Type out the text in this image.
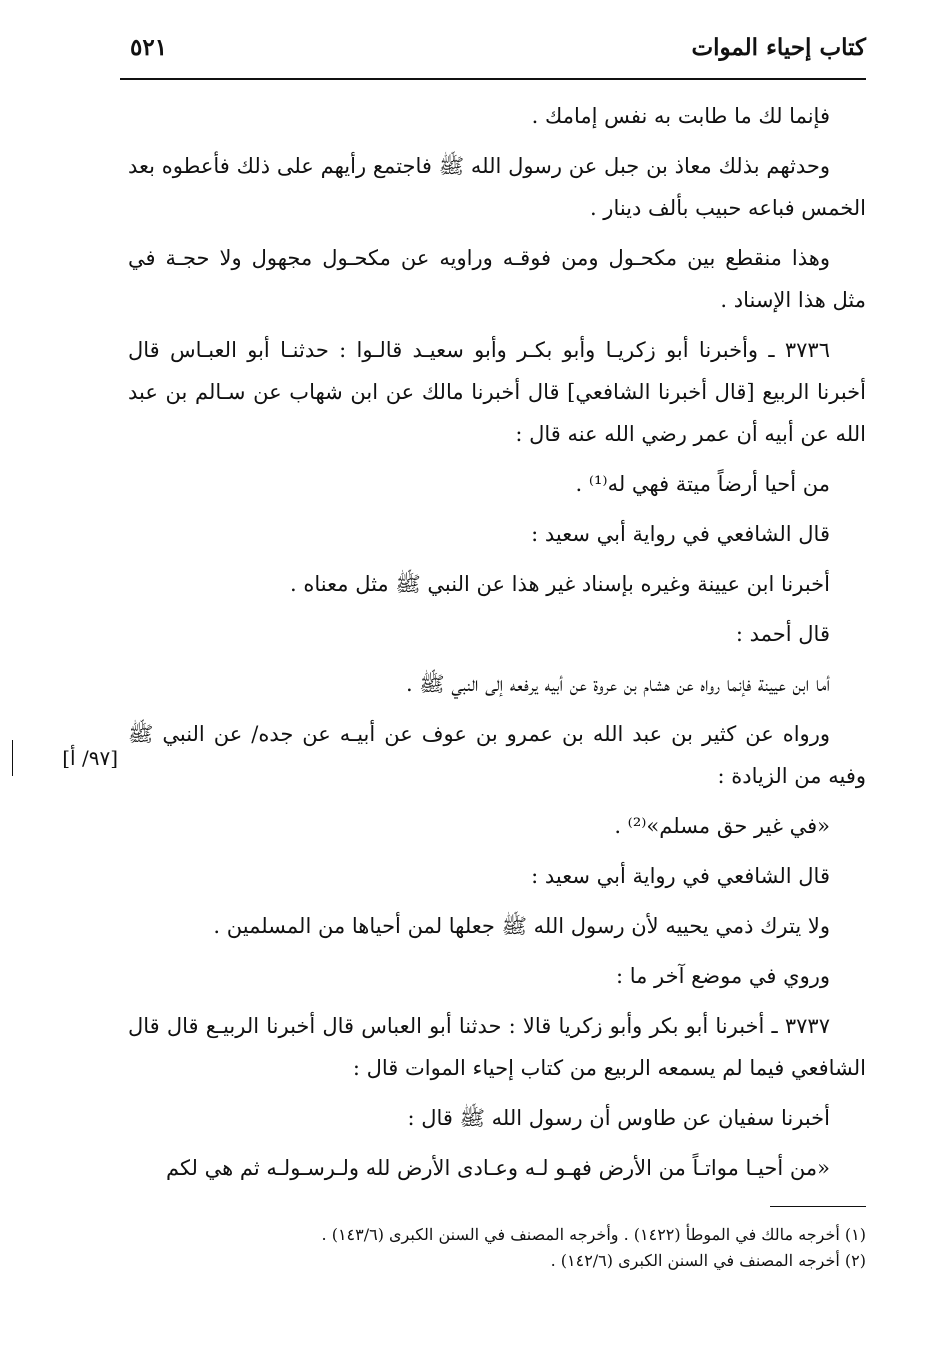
كتاب إحياء الموات
٥٢١

فإنما لك ما طابت به نفس إمامك .

وحدثهم بذلك معاذ بن جبل عن رسول الله ﷺ فاجتمع رأيهم على ذلك فأعطوه بعد الخمس فباعه حبيب بألف دينار .

وهذا منقطع بين مكحـول ومن فوقـه وراويه عن مكحـول مجهول ولا حجـة في مثل هذا الإسناد .

٣٧٣٦ ـ وأخبرنا أبو زكريـا وأبو بكـر وأبو سعيـد قالـوا : حدثنـا أبو العبـاس قال أخبرنا الربيع [قال أخبرنا الشافعي] قال أخبرنا مالك عن ابن شهاب عن سـالم بن عبد الله عن أبيه أن عمر رضي الله عنه قال :

من أحيا أرضاً ميتة فهي له⁽¹⁾ .

قال الشافعي في رواية أبي سعيد :

أخبرنا ابن عيينة وغيره بإسناد غير هذا عن النبي ﷺ مثل معناه .

قال أحمد :

أما ابن عيينة فإنما رواه عن هشام بن عروة عن أبيه يرفعه إلى النبي ﷺ .

ورواه عن كثير بن عبد الله بن عمرو بن عوف عن أبيـه عن جده/ عن النبي ﷺ وفيه من الزيادة :

«في غير حق مسلم»⁽²⁾ .

قال الشافعي في رواية أبي سعيد :

ولا يترك ذمي يحييه لأن رسول الله ﷺ جعلها لمن أحياها من المسلمين .

وروي في موضع آخر ما :

٣٧٣٧ ـ أخبرنا أبو بكر وأبو زكريا قالا : حدثنا أبو العباس قال أخبرنا الربيـع قال قال الشافعي فيما لم يسمعه الربيع من كتاب إحياء الموات قال :

أخبرنا سفيان عن طاوس أن رسول الله ﷺ قال :

«من أحيـا مواتـاً من الأرض فهـو لـه وعـادى الأرض لله ولـرسـولـه ثم هي لكم

[٩٧/ أ]

(١) أخرجه مالك في الموطأ (١٤٢٢) . وأخرجه المصنف في السنن الكبرى (١٤٣/٦) .

(٢) أخرجه المصنف في السنن الكبرى (١٤٢/٦) .
